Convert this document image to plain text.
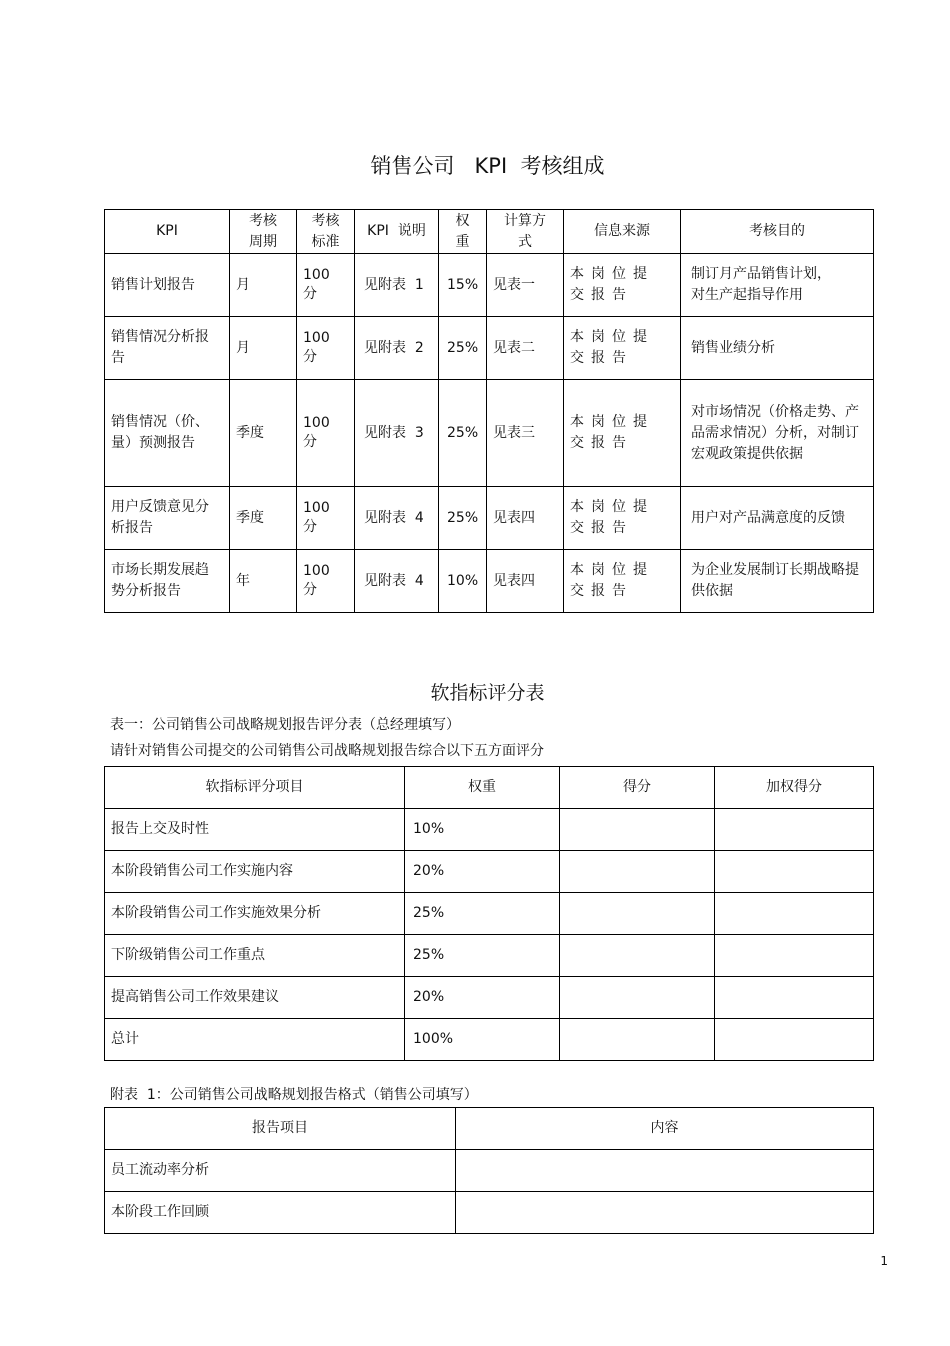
销售公司   KPI  考核组成
KPI	考核周期	考核标准	KPI  说明	权重	计算方式	信息来源	考核目的
销售计划报告	月	100分	见附表  1	15%	见表一	本岗位提交报告	制订月产品销售计划，对生产起指导作用
销售情况分析报告	月	100分	见附表  2	25%	见表二	本岗位提交报告	销售业绩分析
销售情况（价、量）预测报告	季度	100分	见附表  3	25%	见表三	本岗位提交报告	对市场情况（价格走势、产品需求情况）分析，对制订宏观政策提供依据
用户反馈意见分析报告	季度	100分	见附表  4	25%	见表四	本岗位提交报告	用户对产品满意度的反馈
市场长期发展趋势分析报告	年	100分	见附表  4	10%	见表四	本岗位提交报告	为企业发展制订长期战略提供依据
软指标评分表
表一：公司销售公司战略规划报告评分表（总经理填写）
请针对销售公司提交的公司销售公司战略规划报告综合以下五方面评分
软指标评分项目	权重	得分	加权得分
报告上交及时性	10%		
本阶段销售公司工作实施内容	20%		
本阶段销售公司工作实施效果分析	25%		
下阶级销售公司工作重点	25%		
提高销售公司工作效果建议	20%		
总计	100%		
附表  1：公司销售公司战略规划报告格式（销售公司填写）
报告项目	内容
员工流动率分析	
本阶段工作回顾	
1
